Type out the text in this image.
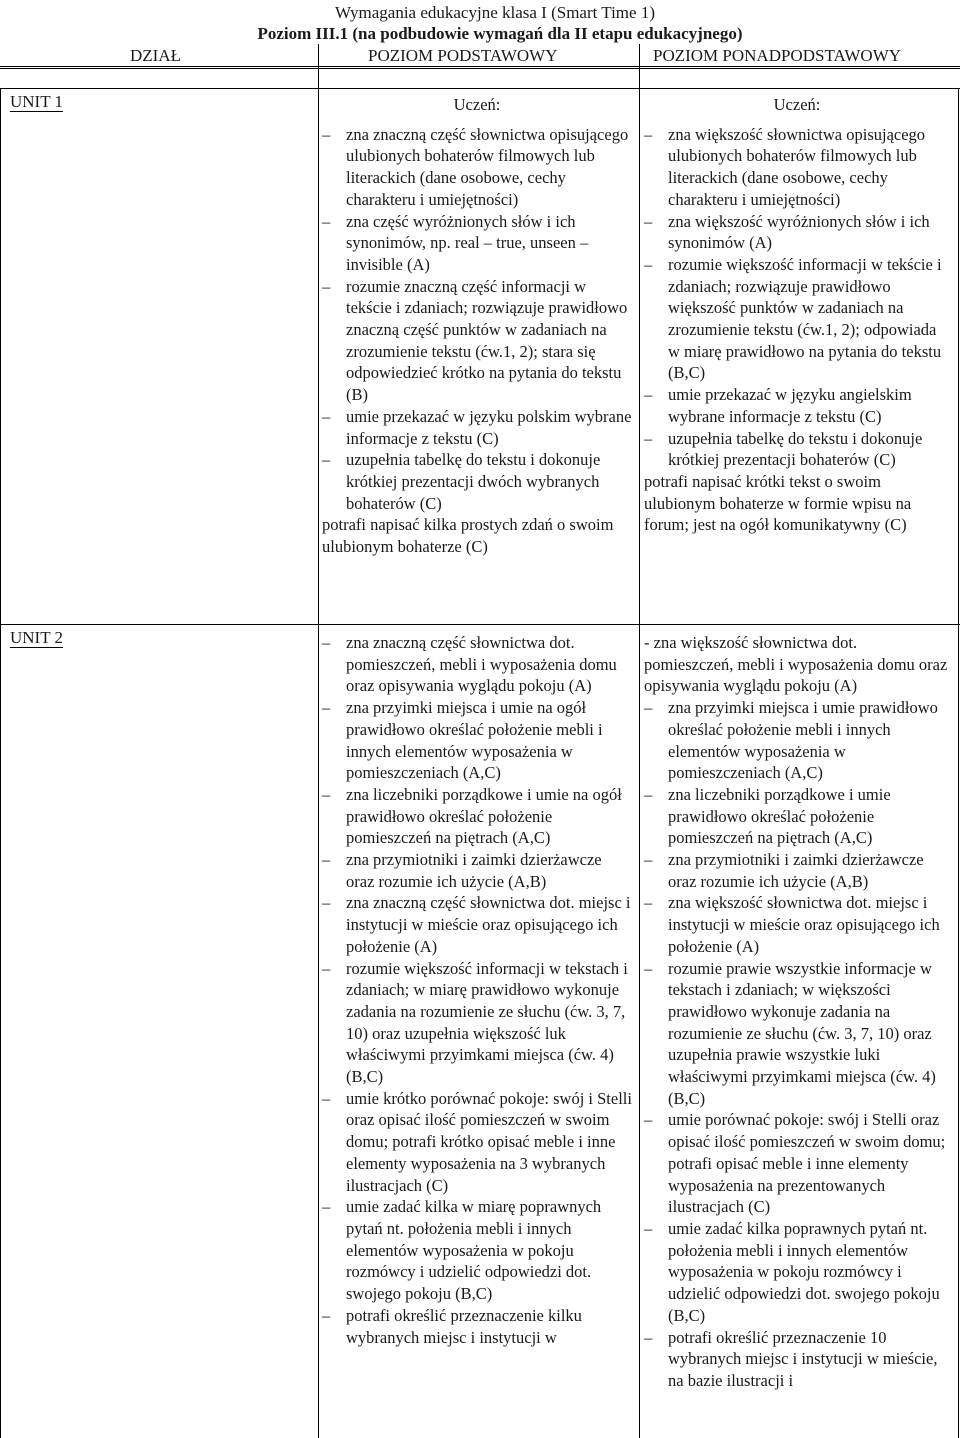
Wymagania edukacyjne klasa I (Smart Time 1)
Poziom III.1 (na podbudowie wymagań dla II etapu edukacyjnego)
DZIAŁ	POZIOM PODSTAWOWY	POZIOM PONADPODSTAWOWY
UNIT 1
UNIT 2
Uczeń:
– zna znaczną część słownictwa opisującego ulubionych bohaterów filmowych lub literackich (dane osobowe, cechy charakteru i umiejętności)
– zna część wyróżnionych słów i ich synonimów, np. real – true, unseen – invisible (A)
– rozumie znaczną część informacji w tekście i zdaniach; rozwiązuje prawidłowo znaczną część punktów w zadaniach na zrozumienie tekstu (ćw.1, 2); stara się odpowiedzieć krótko na pytania do tekstu (B)
– umie przekazać w języku polskim wybrane informacje z tekstu (C)
– uzupełnia tabelkę do tekstu i dokonuje krótkiej prezentacji dwóch wybranych bohaterów (C)
potrafi napisać kilka prostych zdań o swoim ulubionym bohaterze (C)
Uczeń:
– zna większość słownictwa opisującego ulubionych bohaterów filmowych lub literackich (dane osobowe, cechy charakteru i umiejętności)
– zna większość wyróżnionych słów i ich synonimów (A)
– rozumie większość informacji w tekście i zdaniach; rozwiązuje prawidłowo większość punktów w zadaniach na zrozumienie tekstu (ćw.1, 2); odpowiada w miarę prawidłowo na pytania do tekstu (B,C)
– umie przekazać w języku angielskim wybrane informacje z tekstu (C)
– uzupełnia tabelkę do tekstu i dokonuje krótkiej prezentacji bohaterów (C)
potrafi napisać krótki tekst o swoim ulubionym bohaterze w formie wpisu na forum; jest na ogół komunikatywny (C)
– zna znaczną część słownictwa dot. pomieszczeń, mebli i wyposażenia domu oraz opisywania wyglądu pokoju (A)
– zna przyimki miejsca i umie na ogół prawidłowo określać położenie mebli i innych elementów wyposażenia w pomieszczeniach (A,C)
– zna liczebniki porządkowe i umie na ogół prawidłowo określać położenie pomieszczeń na piętrach (A,C)
– zna przymiotniki i zaimki dzierżawcze oraz rozumie ich użycie (A,B)
– zna znaczną część słownictwa dot. miejsc i instytucji w mieście oraz opisującego ich położenie (A)
– rozumie większość informacji w tekstach i zdaniach; w miarę prawidłowo wykonuje zadania na rozumienie ze słuchu (ćw. 3, 7, 10) oraz uzupełnia większość luk właściwymi przyimkami miejsca (ćw. 4) (B,C)
– umie krótko porównać pokoje: swój i Stelli oraz opisać ilość pomieszczeń w swoim domu; potrafi krótko opisać meble i inne elementy wyposażenia na 3 wybranych ilustracjach (C)
– umie zadać kilka w miarę poprawnych pytań nt. położenia mebli i innych elementów wyposażenia w pokoju rozmówcy i udzielić odpowiedzi dot. swojego pokoju (B,C)
– potrafi określić przeznaczenie kilku wybranych miejsc i instytucji w
- zna większość słownictwa dot. pomieszczeń, mebli i wyposażenia domu oraz opisywania wyglądu pokoju (A)
– zna przyimki miejsca i umie prawidłowo określać położenie mebli i innych elementów wyposażenia w pomieszczeniach (A,C)
– zna liczebniki porządkowe i umie prawidłowo określać położenie pomieszczeń na piętrach (A,C)
– zna przymiotniki i zaimki dzierżawcze oraz rozumie ich użycie (A,B)
– zna większość słownictwa dot. miejsc i instytucji w mieście oraz opisującego ich położenie (A)
– rozumie prawie wszystkie informacje w tekstach i zdaniach; w większości prawidłowo wykonuje zadania na rozumienie ze słuchu (ćw. 3, 7, 10) oraz uzupełnia prawie wszystkie luki właściwymi przyimkami miejsca (ćw. 4) (B,C)
– umie porównać pokoje: swój i Stelli oraz opisać ilość pomieszczeń w swoim domu; potrafi opisać meble i inne elementy wyposażenia na prezentowanych ilustracjach (C)
– umie zadać kilka poprawnych pytań nt. położenia mebli i innych elementów wyposażenia w pokoju rozmówcy i udzielić odpowiedzi dot. swojego pokoju (B,C)
– potrafi określić przeznaczenie 10 wybranych miejsc i instytucji w mieście, na bazie ilustracji i
